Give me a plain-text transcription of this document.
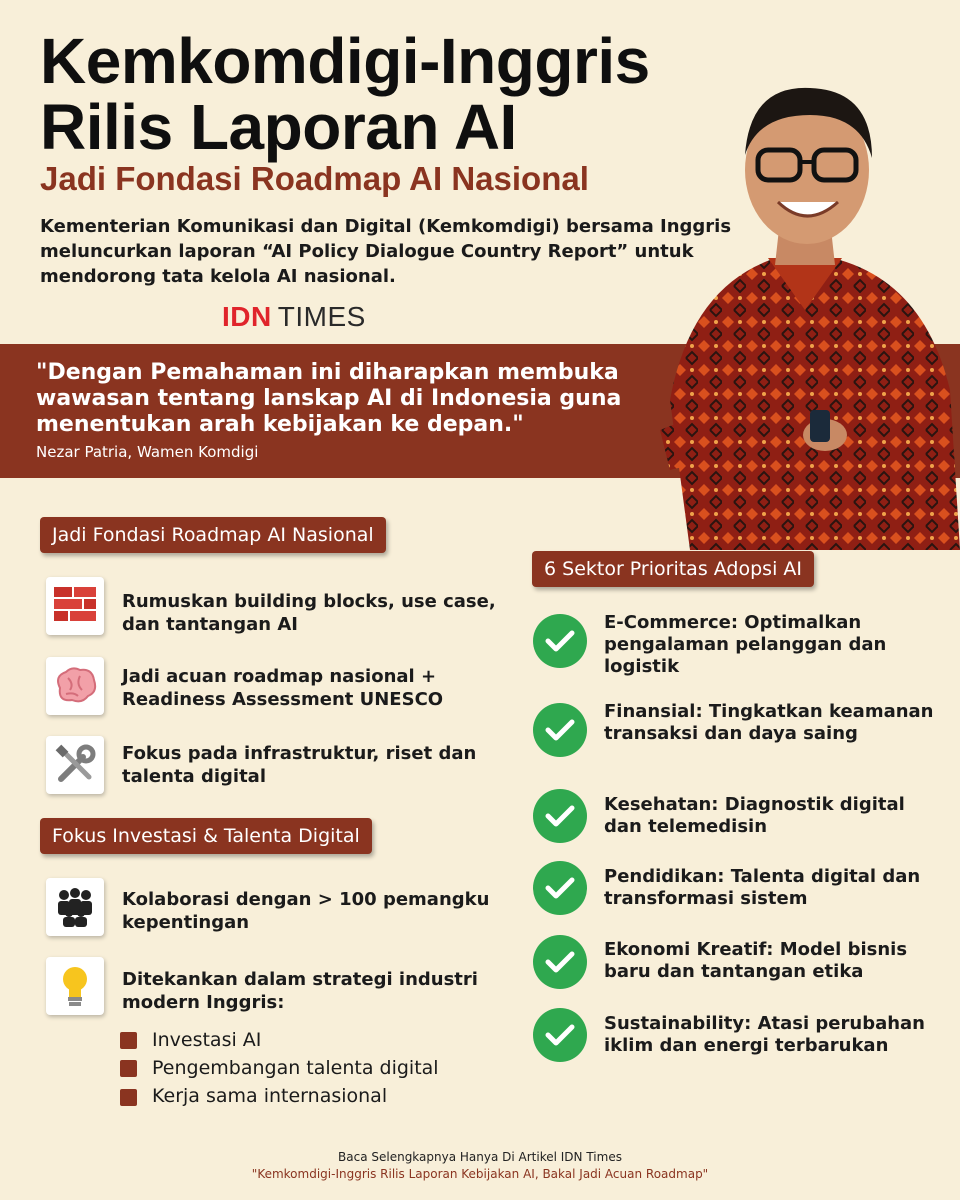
Kemkomdigi-Inggris
Rilis Laporan AI
Jadi Fondasi Roadmap AI Nasional
Kementerian Komunikasi dan Digital (Kemkomdigi) bersama Inggris meluncurkan laporan “AI Policy Dialogue Country Report” untuk mendorong tata kelola AI nasional.
IDN TIMES
"Dengan Pemahaman ini diharapkan membuka wawasan tentang lanskap AI di Indonesia guna menentukan arah kebijakan ke depan."
Nezar Patria, Wamen Komdigi
Jadi Fondasi Roadmap AI Nasional
Rumuskan building blocks, use case, dan tantangan AI
Jadi acuan roadmap nasional + Readiness Assessment UNESCO
Fokus pada infrastruktur, riset dan talenta digital
Fokus Investasi & Talenta Digital
Kolaborasi dengan > 100 pemangku kepentingan
Ditekankan dalam strategi industri modern Inggris:
Investasi AI
Pengembangan talenta digital
Kerja sama internasional
6 Sektor Prioritas Adopsi AI
E-Commerce: Optimalkan pengalaman pelanggan dan logistik
Finansial: Tingkatkan keamanan transaksi dan daya saing
Kesehatan: Diagnostik digital dan telemedisin
Pendidikan: Talenta digital dan transformasi sistem
Ekonomi Kreatif: Model bisnis baru dan tantangan etika
Sustainability: Atasi perubahan iklim dan energi terbarukan
Baca Selengkapnya Hanya Di Artikel IDN Times
"Kemkomdigi-Inggris Rilis Laporan Kebijakan AI, Bakal Jadi Acuan Roadmap"
